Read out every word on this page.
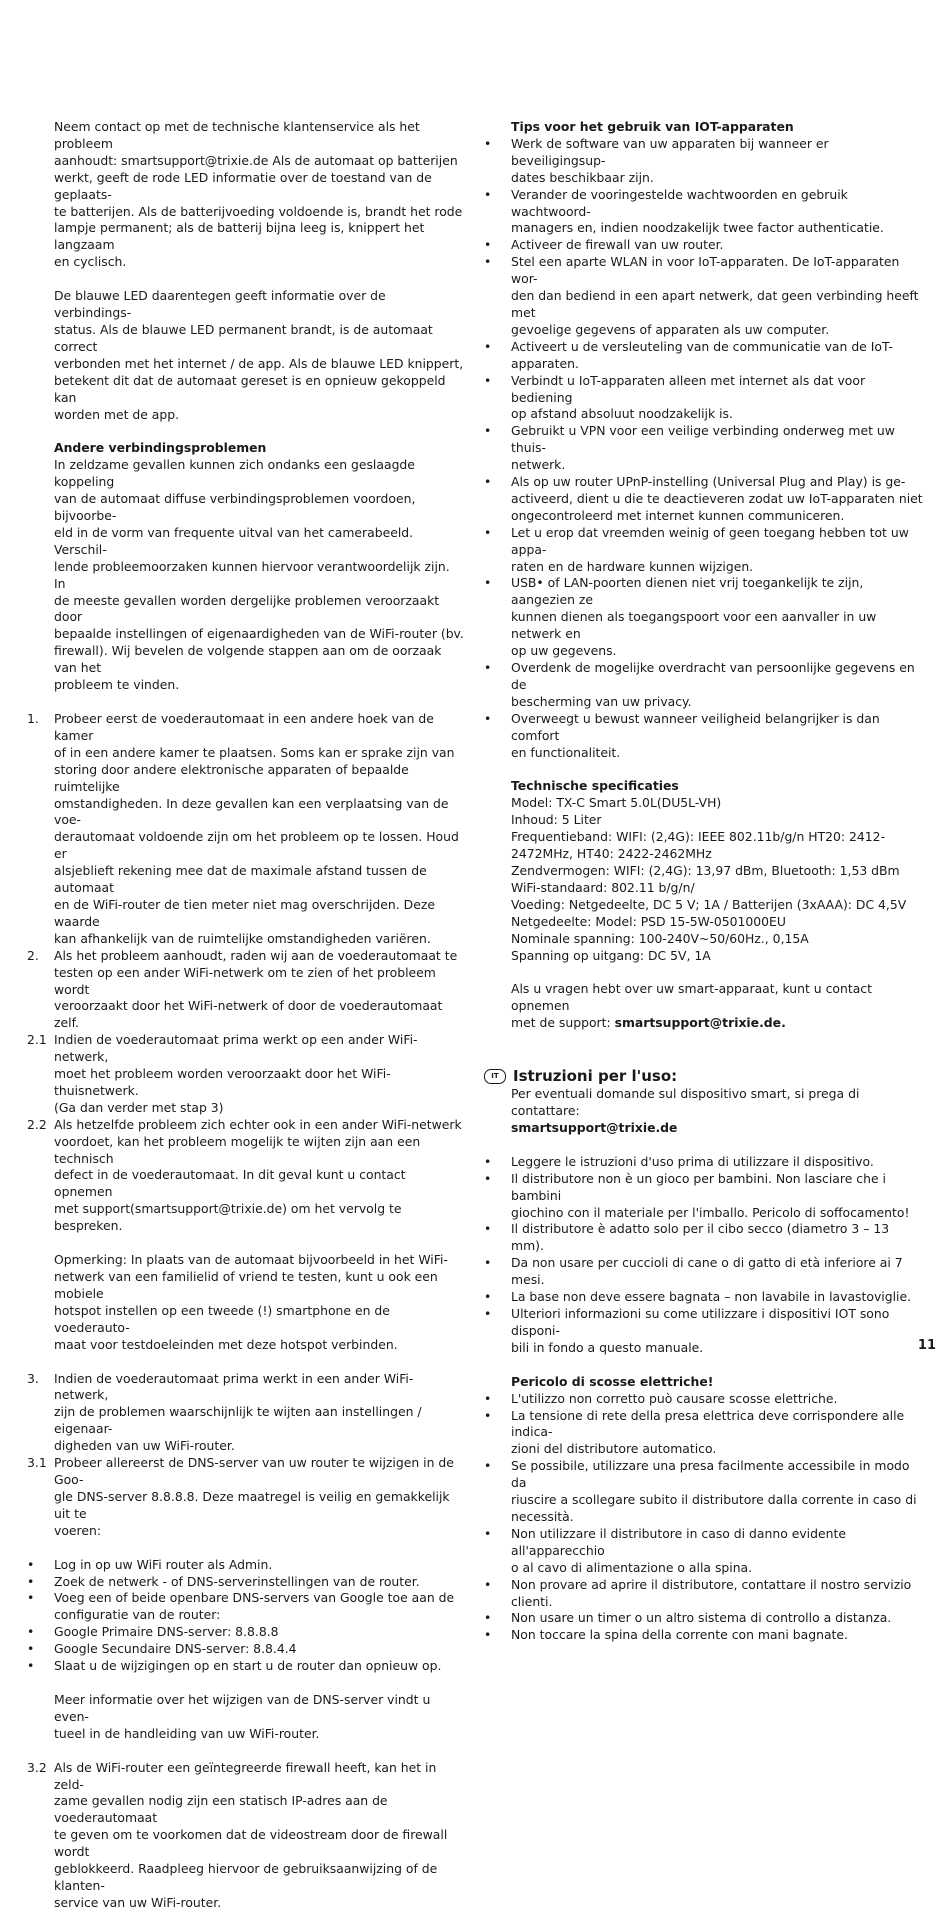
Neem contact op met de technische klantenservice als het probleem
aanhoudt: smartsupport@trixie.de Als de automaat op batterijen
werkt, geeft de rode LED informatie over de toestand van de geplaats-
te batterijen. Als de batterijvoeding voldoende is, brandt het rode
lampje permanent; als de batterij bijna leeg is, knippert het langzaam
en cyclisch.

De blauwe LED daarentegen geeft informatie over de verbindings-
status. Als de blauwe LED permanent brandt, is de automaat correct
verbonden met het internet / de app. Als de blauwe LED knippert,
betekent dit dat de automaat gereset is en opnieuw gekoppeld kan
worden met de app.

Andere verbindingsproblemen

In zeldzame gevallen kunnen zich ondanks een geslaagde koppeling
van de automaat diffuse verbindingsproblemen voordoen, bijvoorbe-
eld in de vorm van frequente uitval van het camerabeeld. Verschil-
lende probleemoorzaken kunnen hiervoor verantwoordelijk zijn. In
de meeste gevallen worden dergelijke problemen veroorzaakt door
bepaalde instellingen of eigenaardigheden van de WiFi-router (bv.
firewall). Wij bevelen de volgende stappen aan om de oorzaak van het
probleem te vinden.

1.	Probeer eerst de voederautomaat in een andere hoek van de kamer
of in een andere kamer te plaatsen. Soms kan er sprake zijn van
storing door andere elektronische apparaten of bepaalde ruimtelijke
omstandigheden. In deze gevallen kan een verplaatsing van de voe-
derautomaat voldoende zijn om het probleem op te lossen. Houd er
alsjeblieft rekening mee dat de maximale afstand tussen de automaat
en de WiFi-router de tien meter niet mag overschrijden. Deze waarde
kan afhankelijk van de ruimtelijke omstandigheden variëren.
2.	Als het probleem aanhoudt, raden wij aan de voederautomaat te
testen op een ander WiFi-netwerk om te zien of het probleem wordt
veroorzaakt door het WiFi-netwerk of door de voederautomaat zelf.
2.1 Indien de voederautomaat prima werkt op een ander WiFi-netwerk,
moet het probleem worden veroorzaakt door het WiFi-thuisnetwerk.
(Ga dan verder met stap 3)
2.2 Als hetzelfde probleem zich echter ook in een ander WiFi-netwerk
voordoet, kan het probleem mogelijk te wijten zijn aan een technisch
defect in de voederautomaat. In dit geval kunt u contact opnemen
met support(smartsupport@trixie.de) om het vervolg te bespreken.

Opmerking: In plaats van de automaat bijvoorbeeld in het WiFi-
netwerk van een familielid of vriend te testen, kunt u ook een mobiele
hotspot instellen op een tweede (!) smartphone en de voederauto-
maat voor testdoeleinden met deze hotspot verbinden.

3.	Indien de voederautomaat prima werkt in een ander WiFi-netwerk,
zijn de problemen waarschijnlijk te wijten aan instellingen / eigenaar-
digheden van uw WiFi-router.
3.1 Probeer allereerst de DNS-server van uw router te wijzigen in de Goo-
gle DNS-server 8.8.8.8. Deze maatregel is veilig en gemakkelijk uit te
voeren:
•	Log in op uw WiFi router als Admin.
•	Zoek de netwerk - of DNS-serverinstellingen van de router.
•	Voeg een of beide openbare DNS-servers van Google toe aan de
configuratie van de router:
•	Google Primaire DNS-server: 8.8.8.8
•	Google Secundaire DNS-server: 8.8.4.4
•	Slaat u de wijzigingen op en start u de router dan opnieuw op.

Meer informatie over het wijzigen van de DNS-server vindt u even-
tueel in de handleiding van uw WiFi-router.

3.2 Als de WiFi-router een geïntegreerde firewall heeft, kan het in zeld-
zame gevallen nodig zijn een statisch IP-adres aan de voederautomaat
te geven om te voorkomen dat de videostream door de firewall wordt
geblokkeerd. Raadpleeg hiervoor de gebruiksaanwijzing of de klanten-
service van uw WiFi-router.

Tips voor het gebruik van IOT-apparaten

•	Werk de software van uw apparaten bij wanneer er beveiligingsup-
dates beschikbaar zijn.
•	Verander de vooringestelde wachtwoorden en gebruik wachtwoord-
managers en, indien noodzakelijk twee factor authenticatie.
•	Activeer de firewall van uw router.
•	Stel een aparte WLAN in voor IoT-apparaten. De IoT-apparaten wor-
den dan bediend in een apart netwerk, dat geen verbinding heeft met
gevoelige gegevens of apparaten als uw computer.
•	Activeert u de versleuteling van de communicatie van de IoT-apparaten.
•	Verbindt u IoT-apparaten alleen met internet als dat voor bediening
op afstand absoluut noodzakelijk is.
•	Gebruikt u VPN voor een veilige verbinding onderweg met uw thuis-
netwerk.
•	Als op uw router UPnP-instelling (Universal Plug and Play) is ge-
activeerd, dient u die te deactieveren zodat uw IoT-apparaten niet
ongecontroleerd met internet kunnen communiceren.
•	Let u erop dat vreemden weinig of geen toegang hebben tot uw appa-
raten en de hardware kunnen wijzigen.
•	USB• of LAN-poorten dienen niet vrij toegankelijk te zijn, aangezien ze
kunnen dienen als toegangspoort voor een aanvaller in uw netwerk en
op uw gegevens.
•	Overdenk de mogelijke overdracht van persoonlijke gegevens en de
bescherming van uw privacy.
•	Overweegt u bewust wanneer veiligheid belangrijker is dan comfort
en functionaliteit.

Technische specificaties

Model: TX-C Smart 5.0L(DU5L-VH)
Inhoud: 5 Liter
Frequentieband: WIFI: (2,4G): IEEE 802.11b/g/n HT20: 2412-
2472MHz, HT40: 2422-2462MHz
Zendvermogen: WIFI: (2,4G): 13,97 dBm, Bluetooth: 1,53 dBm
WiFi-standaard: 802.11 b/g/n/
Voeding: Netgedeelte, DC 5 V; 1A / Batterijen (3xAAA): DC 4,5V
Netgedeelte: Model: PSD 15-5W-0501000EU
Nominale spanning: 100-240V~50/60Hz., 0,15A
Spanning op uitgang: DC 5V, 1A

Als u vragen hebt over uw smart-apparaat, kunt u contact opnemen
met de support: smartsupport@trixie.de.

IT Istruzioni per l'uso:

Per eventuali domande sul dispositivo smart, si prega di contattare:

smartsupport@trixie.de

•	Leggere le istruzioni d'uso prima di utilizzare il dispositivo.
•	Il distributore non è un gioco per bambini. Non lasciare che i bambini
giochino con il materiale per l'imballo. Pericolo di soffocamento!
•	Il distributore è adatto solo per il cibo secco (diametro 3 – 13 mm).
•	Da non usare per cuccioli di cane o di gatto di età inferiore ai 7 mesi.
•	La base non deve essere bagnata – non lavabile in lavastoviglie.
•	Ulteriori informazioni su come utilizzare i dispositivi IOT sono disponi-
bili in fondo a questo manuale.

Pericolo di scosse elettriche!

•	L'utilizzo non corretto può causare scosse elettriche.
•	La tensione di rete della presa elettrica deve corrispondere alle indica-
zioni del distributore automatico.
•	Se possibile, utilizzare una presa facilmente accessibile in modo da
riuscire a scollegare subito il distributore dalla corrente in caso di
necessità.
•	Non utilizzare il distributore in caso di danno evidente all'apparecchio
o al cavo di alimentazione o alla spina.
•	Non provare ad aprire il distributore, contattare il nostro servizio
clienti.
•	Non usare un timer o un altro sistema di controllo a distanza.
•	Non toccare la spina della corrente con mani bagnate.
11
